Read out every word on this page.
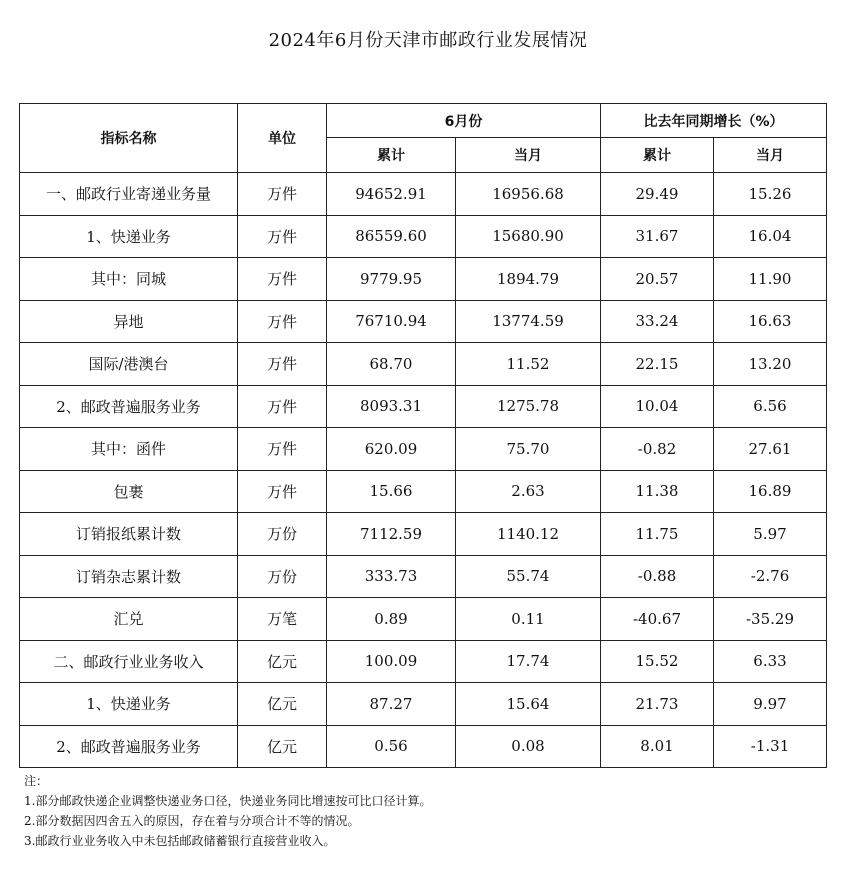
2024年6月份天津市邮政行业发展情况
指标名称	单位	6月份		比去年同期增长（%）	
		累计	当月	累计	当月
一、邮政行业寄递业务量	万件	94652.91	16956.68	29.49	15.26
1、快递业务	万件	86559.60	15680.90	31.67	16.04
其中：同城	万件	9779.95	1894.79	20.57	11.90
异地	万件	76710.94	13774.59	33.24	16.63
国际/港澳台	万件	68.70	11.52	22.15	13.20
2、邮政普遍服务业务	万件	8093.31	1275.78	10.04	6.56
其中：函件	万件	620.09	75.70	-0.82	27.61
包裹	万件	15.66	2.63	11.38	16.89
订销报纸累计数	万份	7112.59	1140.12	11.75	5.97
订销杂志累计数	万份	333.73	55.74	-0.88	-2.76
汇兑	万笔	0.89	0.11	-40.67	-35.29
二、邮政行业业务收入	亿元	100.09	17.74	15.52	6.33
1、快递业务	亿元	87.27	15.64	21.73	9.97
2、邮政普遍服务业务	亿元	0.56	0.08	8.01	-1.31
注：
1.部分邮政快递企业调整快递业务口径，快递业务同比增速按可比口径计算。
2.部分数据因四舍五入的原因，存在着与分项合计不等的情况。
3.邮政行业业务收入中未包括邮政储蓄银行直接营业收入。
